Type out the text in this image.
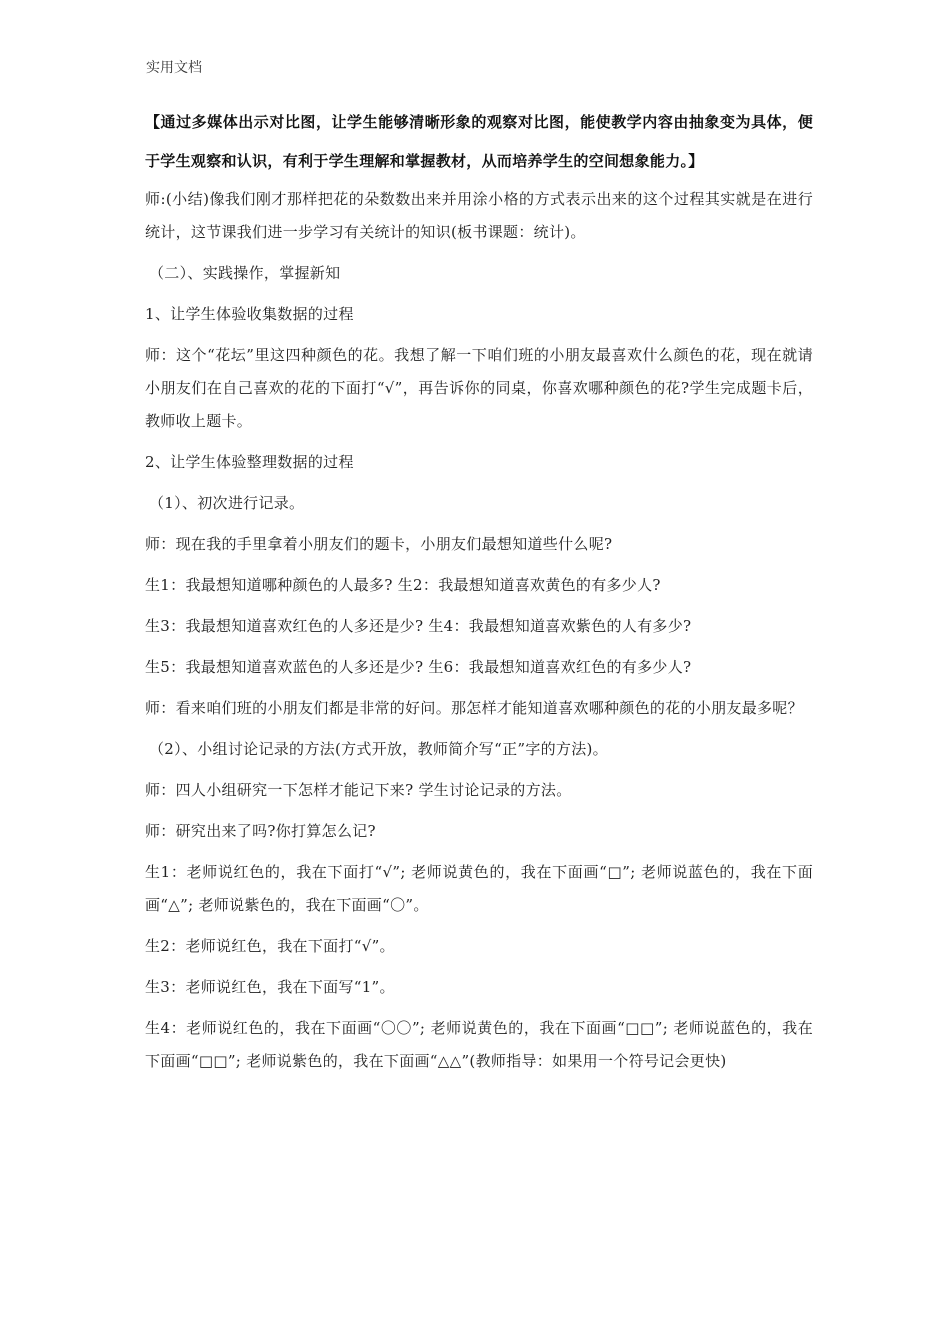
实用文档

【通过多媒体出示对比图，让学生能够清晰形象的观察对比图，能使教学内容由抽象变为具体，便于学生观察和认识，有利于学生理解和掌握教材，从而培养学生的空间想象能力。】

师:(小结)像我们刚才那样把花的朵数数出来并用涂小格的方式表示出来的这个过程其实就是在进行统计，这节课我们进一步学习有关统计的知识(板书课题：统计)。

（二）、实践操作，掌握新知

1、让学生体验收集数据的过程

师：这个“花坛”里这四种颜色的花。我想了解一下咱们班的小朋友最喜欢什么颜色的花，现在就请小朋友们在自己喜欢的花的下面打“√”，再告诉你的同桌，你喜欢哪种颜色的花?学生完成题卡后，教师收上题卡。

2、让学生体验整理数据的过程

（1）、初次进行记录。

师：现在我的手里拿着小朋友们的题卡，小朋友们最想知道些什么呢?

生1：我最想知道哪种颜色的人最多? 生2：我最想知道喜欢黄色的有多少人?

生3：我最想知道喜欢红色的人多还是少? 生4：我最想知道喜欢紫色的人有多少?

生5：我最想知道喜欢蓝色的人多还是少? 生6：我最想知道喜欢红色的有多少人?

师：看来咱们班的小朋友们都是非常的好问。那怎样才能知道喜欢哪种颜色的花的小朋友最多呢？

（2）、小组讨论记录的方法(方式开放，教师简介写“正”字的方法)。

师：四人小组研究一下怎样才能记下来? 学生讨论记录的方法。

师：研究出来了吗?你打算怎么记?

生1：老师说红色的，我在下面打“√”; 老师说黄色的，我在下面画“□”; 老师说蓝色的，我在下面画“△”; 老师说紫色的，我在下面画“〇”。

生2：老师说红色，我在下面打“√”。

生3：老师说红色，我在下面写“1”。

生4：老师说红色的，我在下面画“〇〇”; 老师说黄色的，我在下面画“□□”; 老师说蓝色的，我在下面画“□□”; 老师说紫色的，我在下面画“△△”(教师指导：如果用一个符号记会更快)
